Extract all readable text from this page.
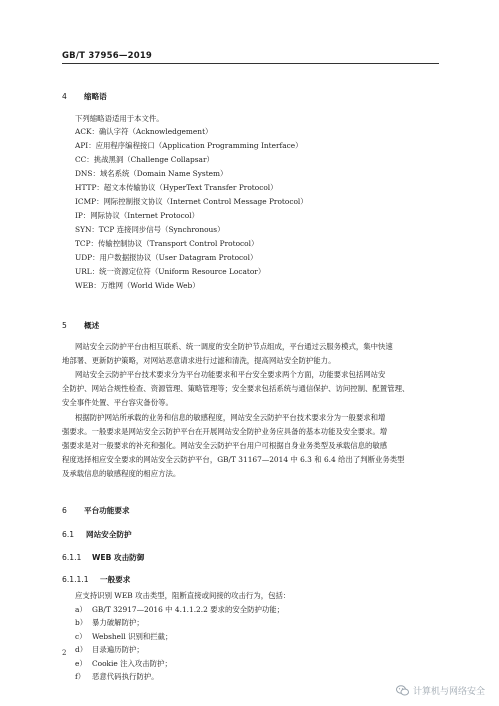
GB/T 37956—2019
4 缩略语
下列缩略语适用于本文件。
ACK：确认字符（Acknowledgement）
API：应用程序编程接口（Application Programming Interface）
CC：挑战黑洞（Challenge Collapsar）
DNS：域名系统（Domain Name System）
HTTP：超文本传输协议（HyperText Transfer Protocol）
ICMP：网际控制报文协议（Internet Control Message Protocol）
IP：网际协议（Internet Protocol）
SYN：TCP 连接同步信号（Synchronous）
TCP：传输控制协议（Transport Control Protocol）
UDP：用户数据报协议（User Datagram Protocol）
URL：统一资源定位符（Uniform Resource Locator）
WEB：万维网（World Wide Web）
5 概述
网站安全云防护平台由相互联系、统一调度的安全防护节点组成，平台通过云服务模式，集中快速
地部署、更新防护策略，对网站恶意请求进行过滤和清洗，提高网站安全防护能力。
网站安全云防护平台技术要求分为平台功能要求和平台安全要求两个方面，功能要求包括网站安
全防护、网站合规性检查、资源管理、策略管理等；安全要求包括系统与通信保护、访问控制、配置管理、
安全事件处置、平台容灾备份等。
根据防护网站所承载的业务和信息的敏感程度，网站安全云防护平台技术要求分为一般要求和增
强要求。一般要求是网站安全云防护平台在开展网站安全防护业务应具备的基本功能及安全要求。增
强要求是对一般要求的补充和强化。网站安全云防护平台用户可根据自身业务类型及承载信息的敏感
程度选择相应安全要求的网站安全云防护平台，GB/T 31167—2014 中 6.3 和 6.4 给出了判断业务类型
及承载信息的敏感程度的相应方法。
6 平台功能要求
6.1 网站安全防护
6.1.1 WEB 攻击防御
6.1.1.1 一般要求
应支持识别 WEB 攻击类型，阻断直接或间接的攻击行为，包括：
a） GB/T 32917—2016 中 4.1.1.2.2 要求的安全防护功能；
b） 暴力破解防护；
c） Webshell 识别和拦截；
d） 目录遍历防护；
e） Cookie 注入攻击防护；
f） 恶意代码执行防护。
2
计算机与网络安全
